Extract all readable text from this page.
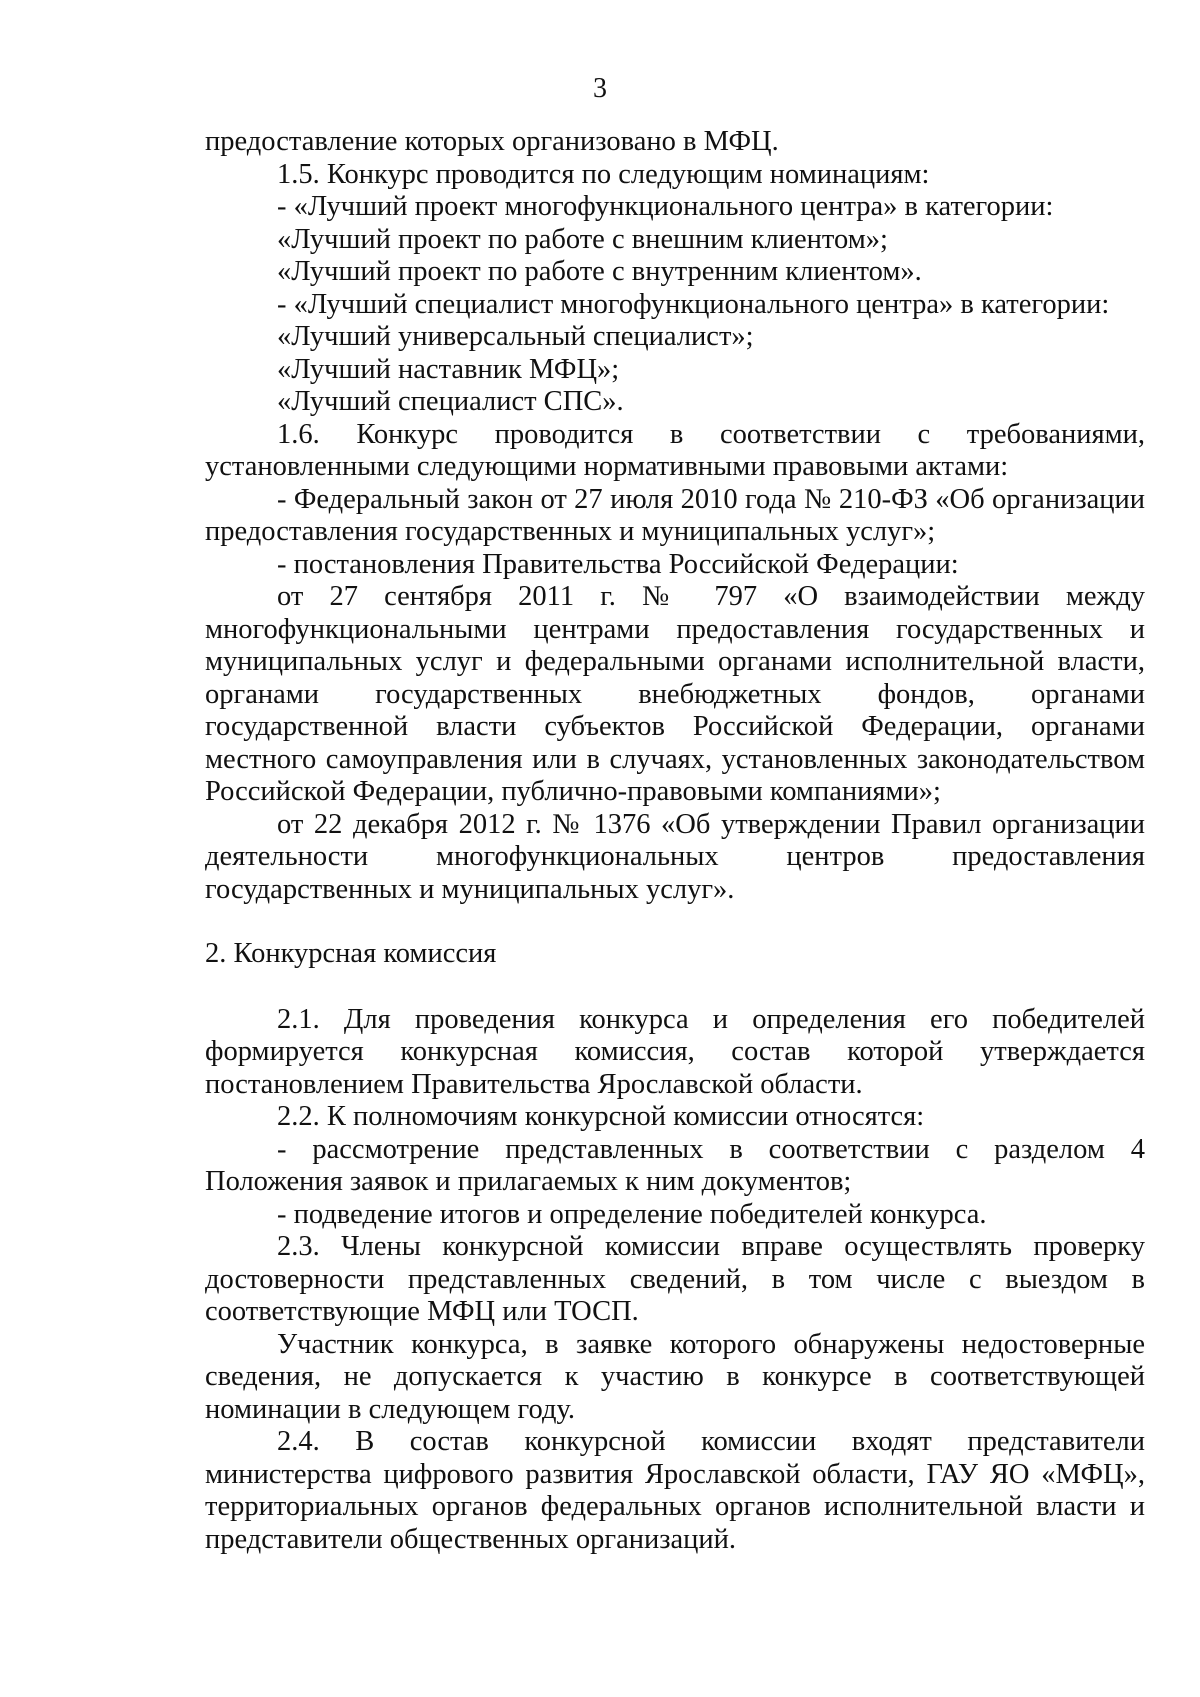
3

предоставление которых организовано в МФЦ.

1.5. Конкурс проводится по следующим номинациям:

- «Лучший проект многофункционального центра» в категории:

«Лучший проект по работе с внешним клиентом»;

«Лучший проект по работе с внутренним клиентом».

- «Лучший специалист многофункционального центра» в категории:

«Лучший универсальный специалист»;

«Лучший наставник МФЦ»;

«Лучший специалист СПС».

1.6. Конкурс проводится в соответствии с требованиями, установленными следующими нормативными правовыми актами:

- Федеральный закон от 27 июля 2010 года № 210-ФЗ «Об организации предоставления государственных и муниципальных услуг»;

- постановления Правительства Российской Федерации:

от 27 сентября 2011 г. № 797 «О взаимодействии между многофункциональными центрами предоставления государственных и муниципальных услуг и федеральными органами исполнительной власти, органами государственных внебюджетных фондов, органами государственной власти субъектов Российской Федерации, органами местного самоуправления или в случаях, установленных законодательством Российской Федерации, публично-правовыми компаниями»;

от 22 декабря 2012 г. № 1376 «Об утверждении Правил организации деятельности многофункциональных центров предоставления государственных и муниципальных услуг».

2. Конкурсная комиссия

2.1. Для проведения конкурса и определения его победителей формируется конкурсная комиссия, состав которой утверждается постановлением Правительства Ярославской области.

2.2. К полномочиям конкурсной комиссии относятся:

- рассмотрение представленных в соответствии с разделом 4 Положения заявок и прилагаемых к ним документов;

- подведение итогов и определение победителей конкурса.

2.3. Члены конкурсной комиссии вправе осуществлять проверку достоверности представленных сведений, в том числе с выездом в соответствующие МФЦ или ТОСП.

Участник конкурса, в заявке которого обнаружены недостоверные сведения, не допускается к участию в конкурсе в соответствующей номинации в следующем году.

2.4. В состав конкурсной комиссии входят представители министерства цифрового развития Ярославской области, ГАУ ЯО «МФЦ», территориальных органов федеральных органов исполнительной власти и представители общественных организаций.
